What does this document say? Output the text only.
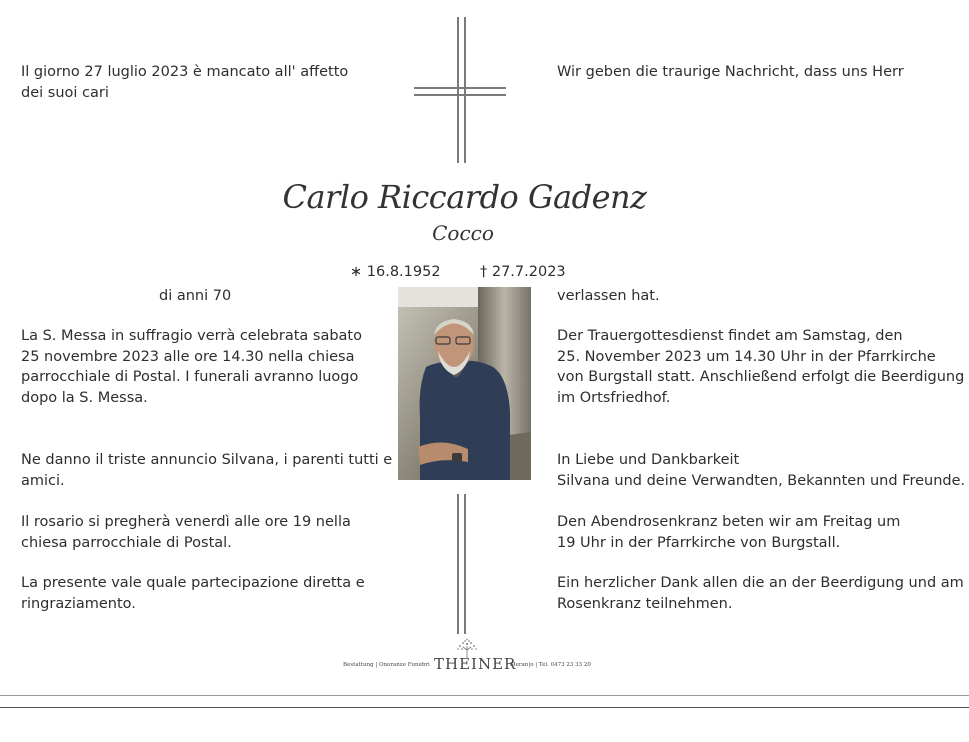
Il giorno 27 luglio 2023 è mancato all' affetto
dei suoi cari
Wir geben die traurige Nachricht, dass uns Herr
Carlo Riccardo Gadenz
Cocco
∗ 16.8.1952	† 27.7.2023
di anni 70	verlassen hat.
La S. Messa in suffragio verrà celebrata sabato
25 novembre 2023 alle ore 14.30 nella chiesa
parrocchiale di Postal. I funerali avranno luogo
dopo la S. Messa.
Ne danno il triste annuncio Silvana, i parenti tutti e
amici.
Il rosario si pregherà venerdì alle ore 19 nella
chiesa parrocchiale di Postal.
La presente vale quale partecipazione diretta e
ringraziamento.
Der Trauergottesdienst findet am Samstag, den
25. November 2023 um 14.30 Uhr in der Pfarrkirche
von Burgstall statt. Anschließend erfolgt die Beerdigung
im Ortsfriedhof.
In Liebe und Dankbarkeit
Silvana und deine Verwandten, Bekannten und Freunde.
Den Abendrosenkranz beten wir am Freitag um
19 Uhr in der Pfarrkirche von Burgstall.
Ein herzlicher Dank allen die an der Beerdigung und am
Rosenkranz teilnehmen.
Bestattung | Onoranze Funebri THEINER
Meran|o | Tel. 0473 23 33 20
